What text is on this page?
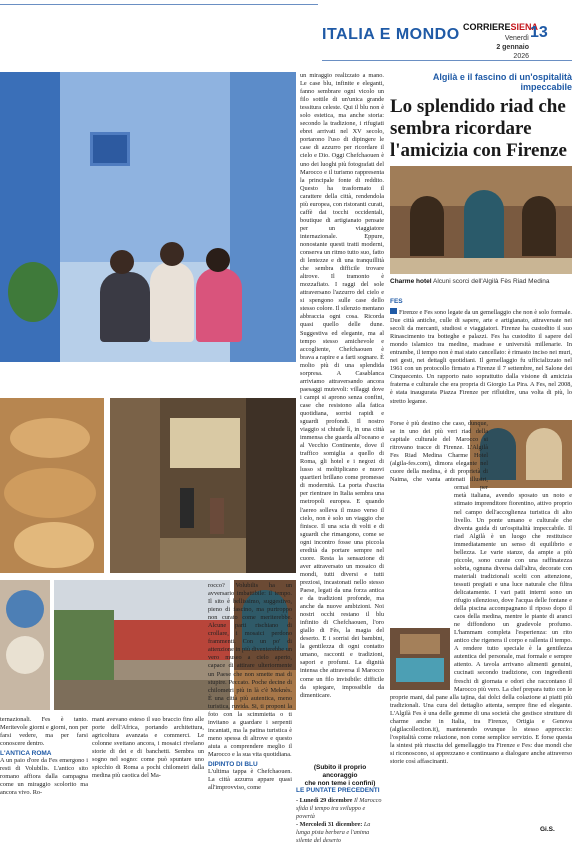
ITALIA E MONDO CORRIERESIENA
Venerdì
2 gennaio
2026
13
Algilà e il fascino di un'ospitalità impeccabile
Lo splendido riad che sembra ricordare l'amicizia con Firenze
Charme hotel Alcuni scorci dell'Algilà Fès Riad Medina

ternazionali. Fes è tanto. Meritevole giorni e giorni, non per farsi vedere, ma per farsi conoscere dentro.

L'ANTICA ROMA

A un paio d'ore da Fes emergono i resti di Volubilis. L'antico sito romano affiora dalla campagna come un miraggio scolorito ma ancora vivo. Ro-

mani avevano esteso il suo braccio fino alle porte dell'Africa, portando architettura, agricoltura avanzata e commerci. Le colonne svettano ancora, i mosaici rivelano storie di dei e di banchetti. Sembra un sogno nel sogno: come può spuntare uno spicchio di Roma a pochi chilometri dalla medina più caotica del Ma-

rocco? Volubilis ha un avversario imbattibile: il tempo. Il sito è bellissimo, suggestivo, pieno di fascino, ma purtroppo non curato come meriterebbe. Alcune parti rischiano di crollare, i mosaici perdono frammenti. Con un po' di attenzione in più diventerebbe un vero museo a cielo aperto, capace di attirare ulteriormente un Paese che non smette mai di stupire. Peccato. Poche decine di chilometri più in là c'è Meknès. È una città più autentica, meno turistica, ruvida. Si, ti proponi la foto con la scimmietta o ti invitano a guardare i serpenti incantati, ma la patina turistica è meno spessa di altrove e questo aiuta a comprendere meglio il Marocco e la sua vita quotidiana.

DIPINTO DI BLU

L'ultima tappa è Chefchaouen. La città azzurra appare quasi all'improvviso, come

un miraggio realizzato a mano. Le case blu, infinite e eleganti, fanno sembrare ogni vicolo un filo sottile di un'unica grande tessitura celeste. Qui il blu non è solo estetica, ma anche storia: secondo la tradizione, i rifugiati ebrei arrivati nel XV secolo, portarono l'uso di dipingere le case di azzurro per ricordare il cielo e Dio. Oggi Chefchaouen è uno dei luoghi più fotografati del Marocco e il turismo rappresenta la principale fonte di reddito. Questo ha trasformato il carattere della città, rendendola più europea, con ristoranti curati, caffè dai tocchi occidentali, boutique di artigianato pensate per un viaggiatore internazionale. Eppure, nonostante questi tratti moderni, conserva un ritmo tutto suo, fatto di lentezze e di una tranquillità che sembra difficile trovare altrove. Il tramonto è mozzafiato. I raggi del sole attraversano l'azzurro del cielo e si spengono sulle case dello stesso colore. Il silenzio mentano abbraccia ogni cosa. Ricorda quasi quello delle dune. Suggestiva ed elegante, ma al tempo stesso amichevole e accogliente, Chefchaouen è brava a rapire e a farti sognare. È molto più di una splendida sorpresa. A Casablanca arriviamo attraversando ancora paesaggi mutevoli: villaggi dove i campi si aprono senza confini, case che resistono alla fatica quotidiana, sorrisi rapidi e sguardi profondi. Il nostro viaggio si chiude lì, in una città immensa che guarda all'oceano e al Vecchio Continente, dove il traffico somiglia a quello di Roma, gli hotel e i negozi di lusso si moltiplicano e nuovi quartieri brillano come promesse di modernità. La porta d'uscita per rientrare in Italia sembra una metropoli europea. E quando l'aereo solleva il muso verso il cielo, non è solo un viaggio che finisce. Il una scia di volti e di sguardi che rimangono, come se ogni incontro fosse una piccola eredità da portare sempre nel cuore. Resta la sensazione di aver attraversato un mosaico di mondi, tutti diversi e tutti preziosi, incastonati nello stesso Paese, legati da una forza antica e da tradizioni profonde, ma anche da nuove ambizioni. Noi nostri occhi restano il blu infinito di Chefchaouen, l'oro giallo di Fès, la magia del deserto. E i sorrisi dei bambini, la gentilezza di ogni contatto umano, racconti e tradizioni, sapori e profumi. La dignità intensa che attraversa il Marocco come un filo invisibile: difficile da spiegare, impossibile da dimenticare.

(Subito il proprio ancoraggio
che non teme i confini)
LE PUNTATE PRECEDENTI
- Lunedì 29 dicembre Il Marocco sfida il tempo tra sviluppo e povertà
- Mercoledì 31 dicembre: La lunga pista berbera e l'anima silente del deserto
FES

Firenze e Fes sono legate da un gemellaggio che non è solo formale. Due città antiche, culle di sapere, arte e artigianato, attraversate nei secoli da mercanti, studiosi e viaggiatori. Firenze ha custodito il suo Rinascimento tra botteghe e palazzi. Fes ha custodito il sapere del mondo islamico tra medine, madrase e università millenarie. In entrambe, il tempo non è mai stato cancellato: è rimasto inciso nei muri, nei gesti, nei dettagli quotidiani. Il gemellaggio fu ufficializzato nel 1961 con un protocollo firmato a Firenze il 7 settembre, nel Salone dei Cinquecento. Un rapporto nato soprattutto dalla visione di amicizia fraterna e culturale che era propria di Giorgio La Pira. A Fes, nel 2008, è stata inaugurata Piazza Firenze per rifluidire, una volta di più, lo stretto legame.

Forse è più destino che caso, dunque, se in uno dei più veri riad della capitale culturale del Marocco si ritrovano tracce di Firenze. L'Algilà Fes Riad Medina Charme Hotel (algila-fes.com), dimora elegante nel cuore della medina, è di proprietà di Naima, che vanta antenati illustri, ormai per metà italiana, avendo sposato un noto e stimato imprenditore fiorentino, attivo proprio nel campo dell'accoglienza turistica di alto livello. Un ponte umano e culturale che diventa guida di un'ospitalità impeccabile. Il riad Algilà è un luogo che restituisce immediatamente un senso di equilibrio e bellezza. Le varie stanze, da ampie a più piccole, sono curate con una raffinatezza sobria, ognuna diversa dall'altra, decorate con materiali tradizionali scelti con attenzione, tessuti pregiati e una luce naturale che filtra delicatamente. I vari patii interni sono un rifugio silenzioso, dove l'acqua delle fontane e della piscina accompagnano il riposo dopo il caos della medina, mentre le piante di aranci ne diffondono un gradevole profumo. L'hammam completa l'esperienza: un rito antico che rigenera il corpo e rallenta il tempo. A rendere tutto speciale è la gentilezza autentica del personale, mai formale e sempre attento. A tavola arrivano alimenti genuini, cucinati secondo tradizione, con ingredienti freschi di giornata e odori che raccontano il Marocco più vero. La chef prepara tutto con le proprie mani, dal pane alla tajina, dai dolci della colazione ai piatti più tradizionali. Una cura del dettaglio attenta, sempre fine ed elegante. L'Algilà Fes è una delle gemme di una società che gestisce strutture di charme anche in Italia, tra Firenze, Ortigia e Genova (algilacollection.it), mantenendo ovunque lo stesso approccio: l'ospitalità come relazione, non come semplice servizio. E forse questa la sintesi più riuscita del gemellaggio tra Firenze e Fes: due mondi che si riconoscono, si apprezzano e continuano a dialogare anche attraverso storie così affascinanti.

Gi.S.
